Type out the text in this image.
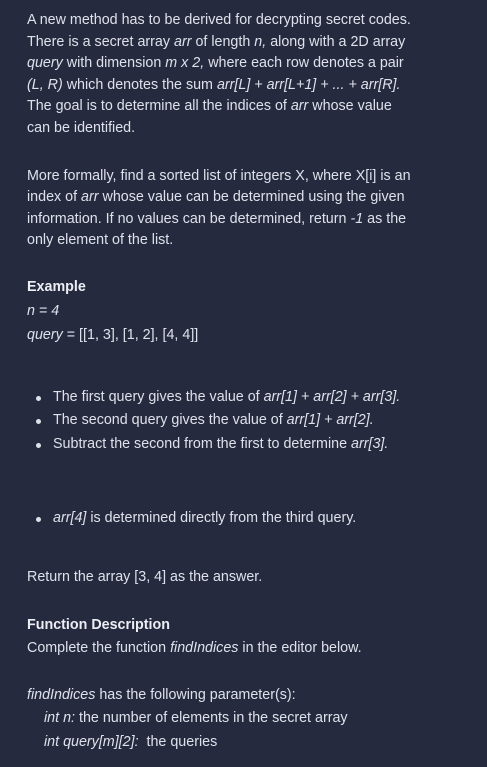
A new method has to be derived for decrypting secret codes.
There is a secret array arr of length n, along with a 2D array
query with dimension m x 2, where each row denotes a pair
(L, R) which denotes the sum arr[L] + arr[L+1] + ... + arr[R].
The goal is to determine all the indices of arr whose value
can be identified.

More formally, find a sorted list of integers X, where X[i] is an
index of arr whose value can be determined using the given
information. If no values can be determined, return -1 as the
only element of the list.

Example

n = 4

query = [[1, 3], [1, 2], [4, 4]]

The first query gives the value of arr[1] + arr[2] + arr[3].
The second query gives the value of arr[1] + arr[2].
Subtract the second from the first to determine arr[3].
arr[4] is determined directly from the third query.

Return the array [3, 4] as the answer.

Function Description

Complete the function findIndices in the editor below.

findIndices has the following parameter(s):

int n: the number of elements in the secret array

int query[m][2]:  the queries
